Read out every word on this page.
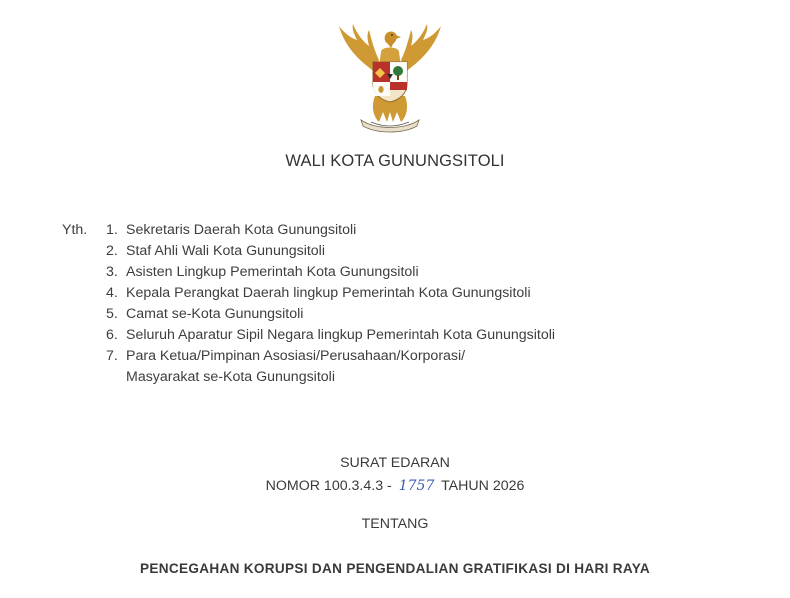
WALI KOTA GUNUNGSITOLI
Yth.	1. Sekretaris Daerah Kota Gunungsitoli
2. Staf Ahli Wali Kota Gunungsitoli
3. Asisten Lingkup Pemerintah Kota Gunungsitoli
4. Kepala Perangkat Daerah lingkup Pemerintah Kota Gunungsitoli
5. Camat se-Kota Gunungsitoli
6. Seluruh Aparatur Sipil Negara lingkup Pemerintah Kota Gunungsitoli
7. Para Ketua/Pimpinan Asosiasi/Perusahaan/Korporasi/
Masyarakat se-Kota Gunungsitoli
SURAT EDARAN
NOMOR 100.3.4.3 - 1757 TAHUN 2026
TENTANG
PENCEGAHAN KORUPSI DAN PENGENDALIAN GRATIFIKASI DI HARI RAYA
